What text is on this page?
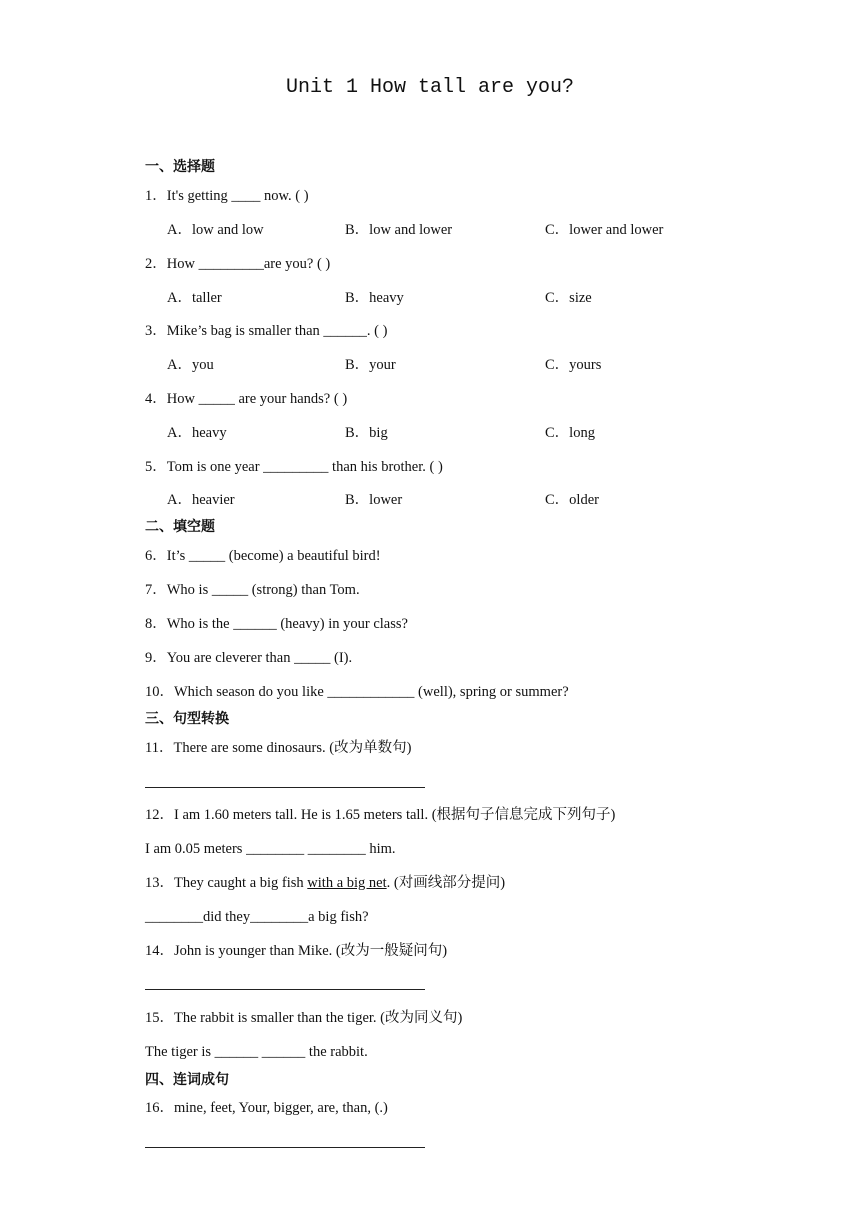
Unit 1 How tall are you?
一、选择题
1．It's getting ____ now. ( )
A．low and low	B．low and lower	C．lower and lower
2．How _________are you? ( )
A．taller	B．heavy	C．size
3．Mike’s bag is smaller than ______. ( )
A．you	B．your	C．yours
4．How _____ are your hands? ( )
A．heavy	B．big	C．long
5．Tom is one year _________ than his brother. ( )
A．heavier	B．lower	C．older
二、填空题
6．It’s _____ (become) a beautiful bird!
7．Who is _____ (strong) than Tom.
8．Who is the ______ (heavy) in your class?
9．You are cleverer than _____ (I).
10．Which season do you like ____________ (well), spring or summer?
三、句型转换
11．There are some dinosaurs. (改为单数句)
12．I am 1.60 meters tall. He is 1.65 meters tall. (根据句子信息完成下列句子)
I am 0.05 meters ________ ________ him.
13．They caught a big fish with a big net. (对画线部分提问)
________did they________a big fish?
14．John is younger than Mike. (改为一般疑问句)
15．The rabbit is smaller than the tiger. (改为同义句)
The tiger is ______ ______ the rabbit.
四、连词成句
16．mine, feet, Your, bigger, are, than, (.)
